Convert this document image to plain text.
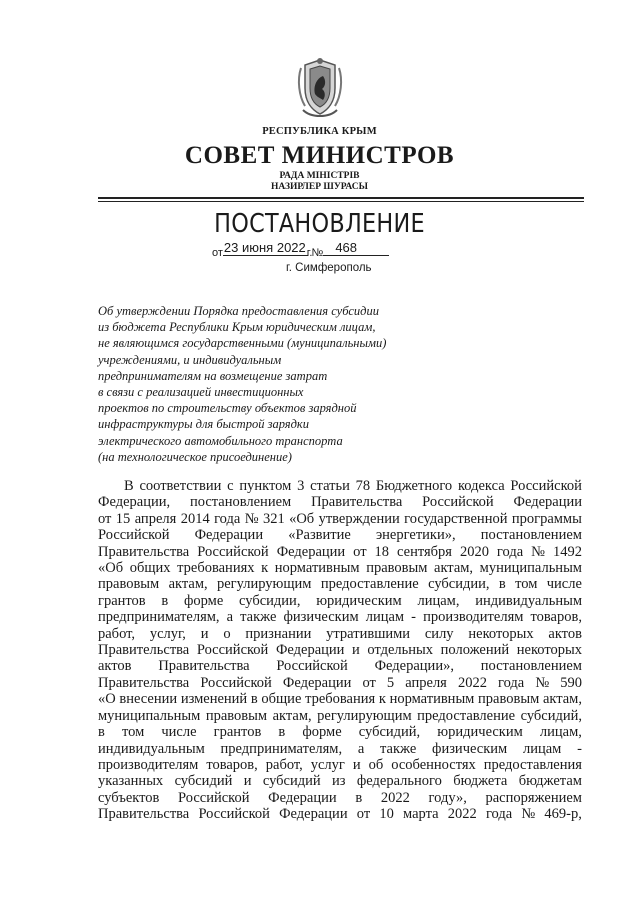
РЕСПУБЛИКА КРЫМ
СОВЕТ МИНИСТРОВ
РАДА МІНІСТРІВ
НАЗИРЛЕР ШУРАСЫ
ПОСТАНОВЛЕНИЕ
$_{от}$23 июня $2022_{г.№}$ 468
г. Симферополь
Об утверждении Порядка предоставления субсидии
из бюджета Республики Крым юридическим лицам,
не являющимся государственными (муниципальными)
учреждениями, и индивидуальным
предпринимателям на возмещение затрат
в связи с реализацией инвестиционных
проектов по строительству объектов зарядной
инфраструктуры для быстрой зарядки
электрического автомобильного транспорта
(на технологическое присоединение)
В соответствии с пунктом 3 статьи 78 Бюджетного кодекса Российской
Федерации, постановлением Правительства Российской Федерации
от 15 апреля 2014 года № 321 «Об утверждении государственной программы
Российской Федерации «Развитие энергетики», постановлением
Правительства Российской Федерации от 18 сентября 2020 года № 1492
«Об общих требованиях к нормативным правовым актам, муниципальным
правовым актам, регулирующим предоставление субсидии, в том числе
грантов в форме субсидии, юридическим лицам, индивидуальным
предпринимателям, а также физическим лицам - производителям товаров,
работ, услуг, и о признании утратившими силу некоторых актов
Правительства Российской Федерации и отдельных положений некоторых
актов Правительства Российской Федерации», постановлением
Правительства Российской Федерации от 5 апреля 2022 года № 590
«О внесении изменений в общие требования к нормативным правовым актам,
муниципальным правовым актам, регулирующим предоставление субсидий,
в том числе грантов в форме субсидий, юридическим лицам,
индивидуальным предпринимателям, а также физическим лицам -
производителям товаров, работ, услуг и об особенностях предоставления
указанных субсидий и субсидий из федерального бюджета бюджетам
субъектов Российской Федерации в 2022 году», распоряжением
Правительства Российской Федерации от 10 марта 2022 года № 469-р,
